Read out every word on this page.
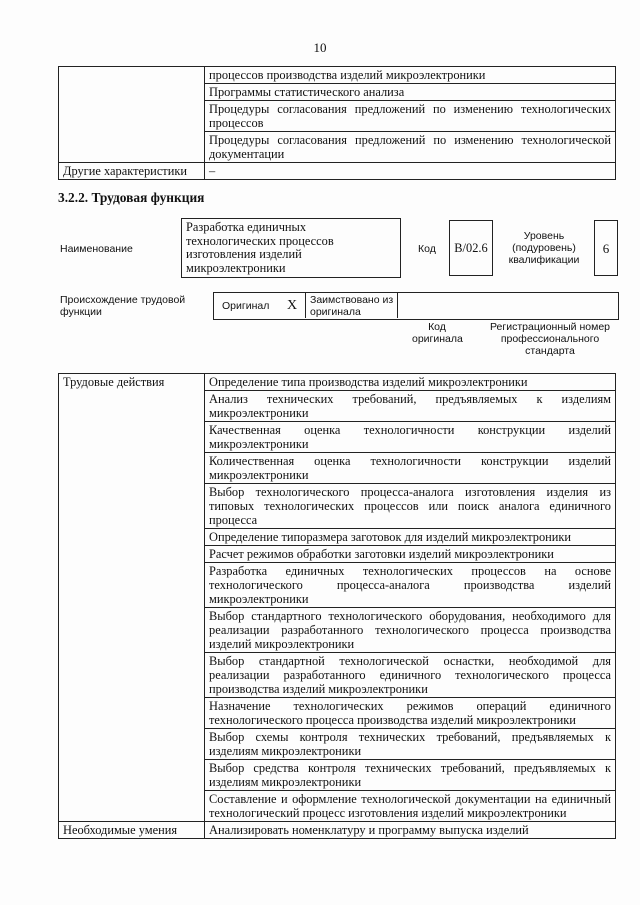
10
	процессов производства изделий микроэлектроники
	Программы статистического анализа
	Процедуры согласования предложений по изменению технологических процессов
	Процедуры согласования предложений по изменению технологической документации
Другие характеристики	–
3.2.2. Трудовая функция
Наименование
Разработка единичных технологических процессов изготовления изделий микроэлектроники
Код	B/02.6
Уровень (подуровень) квалификации
6
Происхождение трудовой функции	Оригинал X Заимствовано из оригинала
Код оригинала
Регистрационный номер профессионального стандарта
Трудовые действия	Определение типа производства изделий микроэлектроники
	Анализ технических требований, предъявляемых к изделиям микроэлектроники
	Качественная оценка технологичности конструкции изделий микроэлектроники
	Количественная оценка технологичности конструкции изделий микроэлектроники
	Выбор технологического процесса-аналога изготовления изделия из типовых технологических процессов или поиск аналога единичного процесса
	Определение типоразмера заготовок для изделий микроэлектроники
	Расчет режимов обработки заготовки изделий микроэлектроники
	Разработка единичных технологических процессов на основе технологического процесса-аналога производства изделий микроэлектроники
	Выбор стандартного технологического оборудования, необходимого для реализации разработанного технологического процесса производства изделий микроэлектроники
	Выбор стандартной технологической оснастки, необходимой для реализации разработанного единичного технологического процесса производства изделий микроэлектроники
	Назначение технологических режимов операций единичного технологического процесса производства изделий микроэлектроники
	Выбор схемы контроля технических требований, предъявляемых к изделиям микроэлектроники
	Выбор средства контроля технических требований, предъявляемых к изделиям микроэлектроники
	Составление и оформление технологической документации на единичный технологический процесс изготовления изделий микроэлектроники
Необходимые умения	Анализировать номенклатуру и программу выпуска изделий
